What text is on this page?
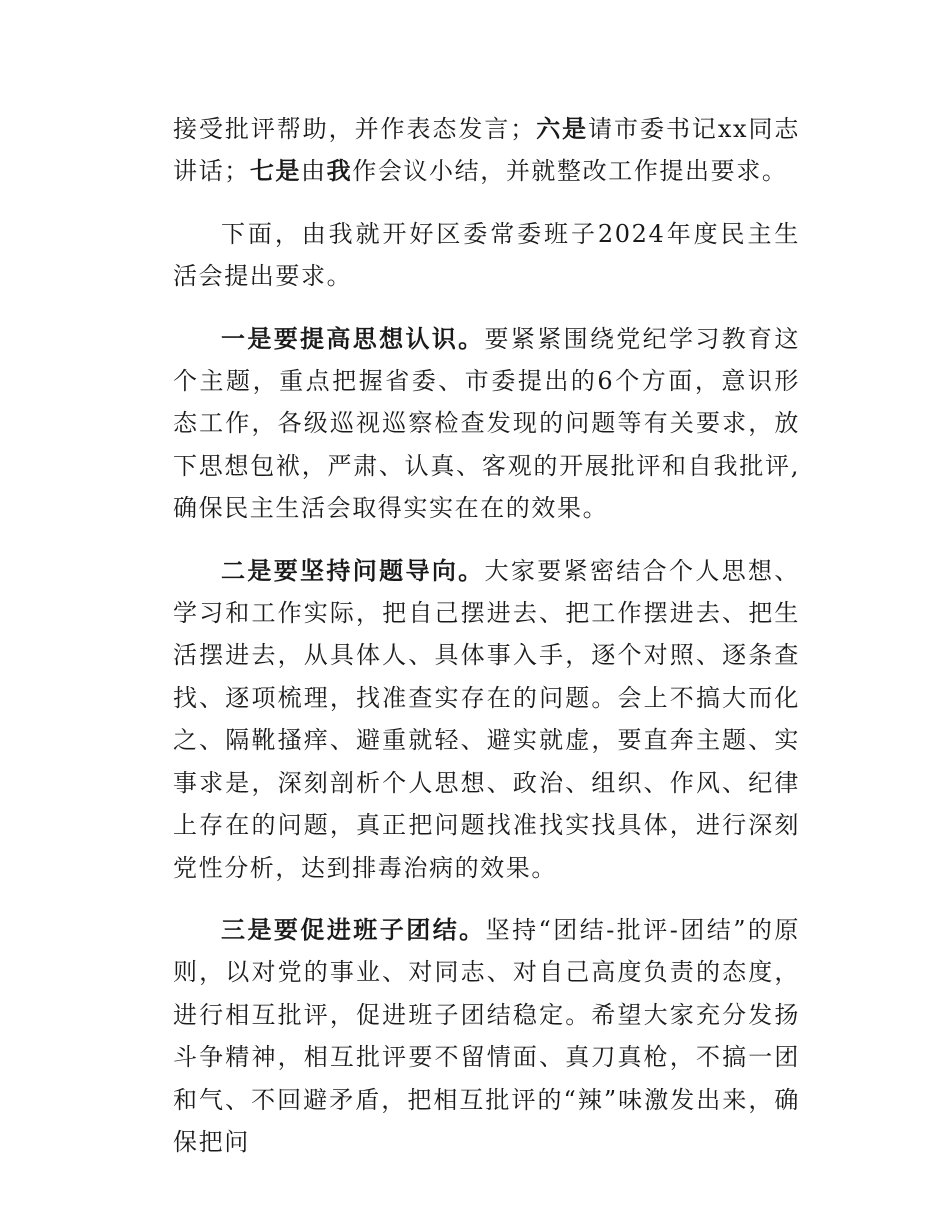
接受批评帮助，并作表态发言；六是请市委书记xx同志讲话；七是由我作会议小结，并就整改工作提出要求。

下面，由我就开好区委常委班子2024年度民主生活会提出要求。

一是要提高思想认识。要紧紧围绕党纪学习教育这个主题，重点把握省委、市委提出的6个方面，意识形态工作，各级巡视巡察检查发现的问题等有关要求，放下思想包袱，严肃、认真、客观的开展批评和自我批评,确保民主生活会取得实实在在的效果。

二是要坚持问题导向。大家要紧密结合个人思想、学习和工作实际，把自己摆进去、把工作摆进去、把生活摆进去，从具体人、具体事入手，逐个对照、逐条查找、逐项梳理，找准查实存在的问题。会上不搞大而化之、隔靴搔痒、避重就轻、避实就虚，要直奔主题、实事求是，深刻剖析个人思想、政治、组织、作风、纪律上存在的问题，真正把问题找准找实找具体，进行深刻党性分析，达到排毒治病的效果。

三是要促进班子团结。坚持“团结-批评-团结”的原则，以对党的事业、对同志、对自己高度负责的态度，进行相互批评，促进班子团结稳定。希望大家充分发扬斗争精神，相互批评要不留情面、真刀真枪，不搞一团和气、不回避矛盾，把相互批评的“辣”味激发出来，确保把问
